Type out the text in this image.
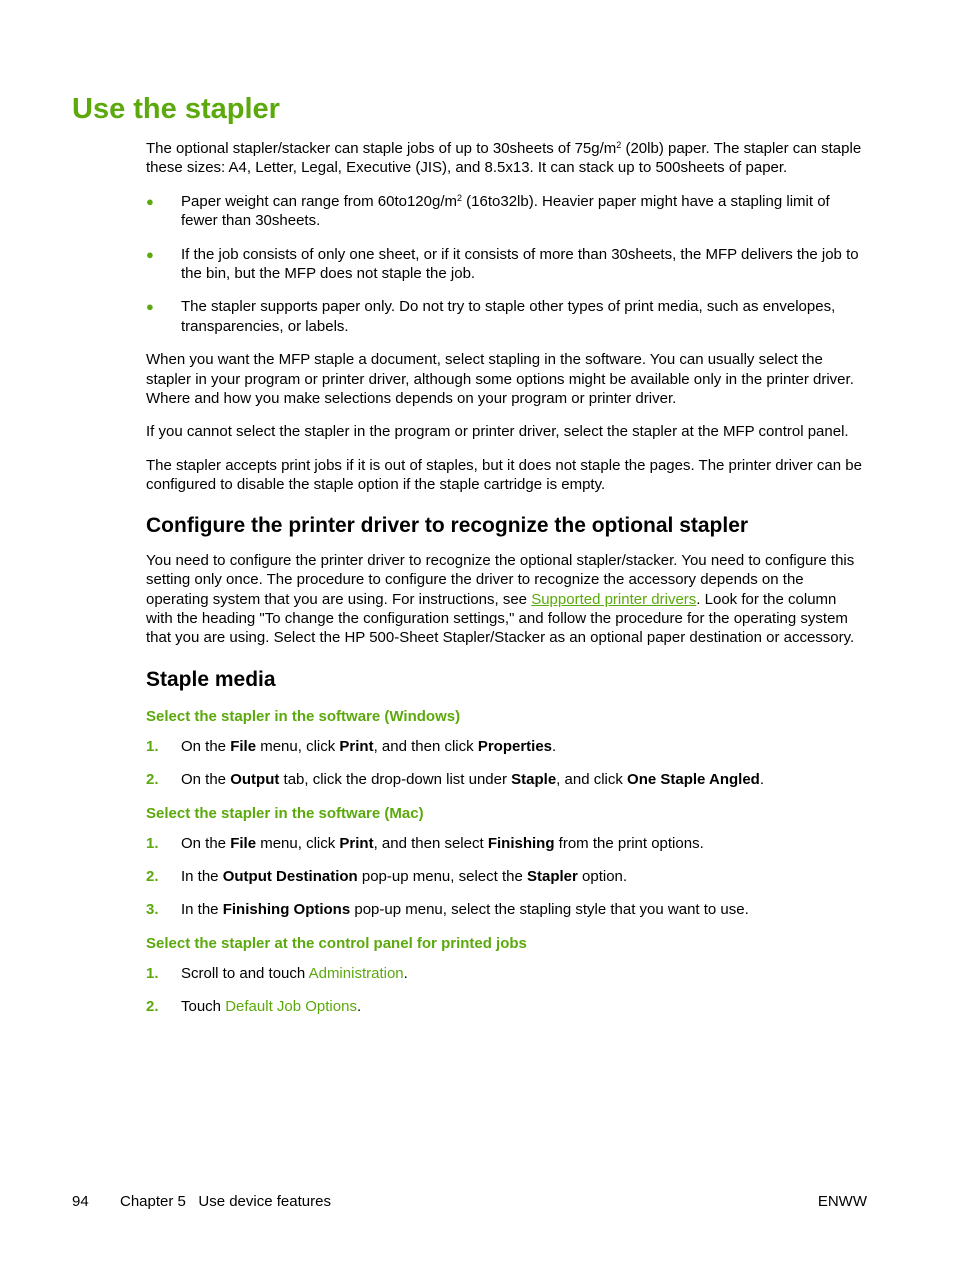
Use the stapler

The optional stapler/stacker can staple jobs of up to 30sheets of $75g/m^2$ (20lb) paper. The stapler can staple these sizes: A4, Letter, Legal, Executive (JIS), and 8.5x13. It can stack up to 500sheets of paper.

● Paper weight can range from $60to120g/m^2$ (16to32lb). Heavier paper might have a stapling limit of fewer than 30sheets.
● If the job consists of only one sheet, or if it consists of more than 30sheets, the MFP delivers the job to the bin, but the MFP does not staple the job.
● The stapler supports paper only. Do not try to staple other types of print media, such as envelopes, transparencies, or labels.

When you want the MFP staple a document, select stapling in the software. You can usually select the stapler in your program or printer driver, although some options might be available only in the printer driver. Where and how you make selections depends on your program or printer driver.

If you cannot select the stapler in the program or printer driver, select the stapler at the MFP control panel.

The stapler accepts print jobs if it is out of staples, but it does not staple the pages. The printer driver can be configured to disable the staple option if the staple cartridge is empty.

Configure the printer driver to recognize the optional stapler

You need to configure the printer driver to recognize the optional stapler/stacker. You need to configure this setting only once. The procedure to configure the driver to recognize the accessory depends on the operating system that you are using. For instructions, see Supported printer drivers. Look for the column with the heading "To change the configuration settings," and follow the procedure for the operating system that you are using. Select the HP 500-Sheet Stapler/Stacker as an optional paper destination or accessory.

Staple media
Select the stapler in the software (Windows)
1. On the File menu, click Print, and then click Properties.
2. On the Output tab, click the drop-down list under Staple, and click One Staple Angled.
Select the stapler in the software (Mac)
1. On the File menu, click Print, and then select Finishing from the print options.
2. In the Output Destination pop-up menu, select the Stapler option.
3. In the Finishing Options pop-up menu, select the stapling style that you want to use.
Select the stapler at the control panel for printed jobs
1. Scroll to and touch Administration.
2. Touch Default Job Options.
94 Chapter 5   Use device features	ENWW
